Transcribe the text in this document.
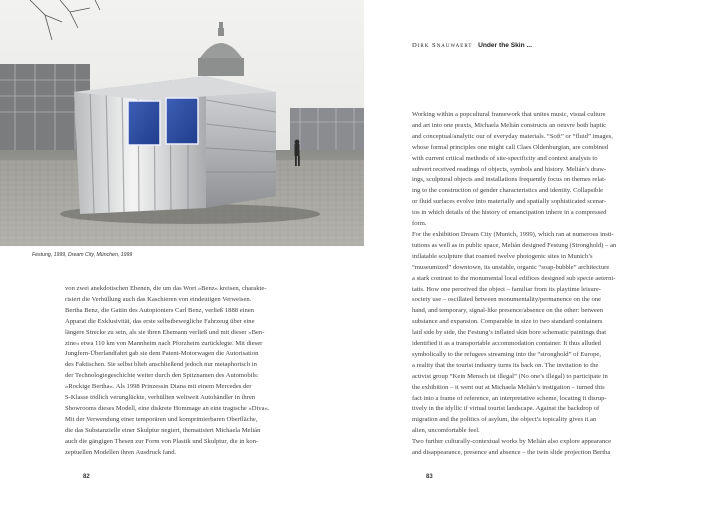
Festung, 1999, Dream City, München, 1999
von zwei anekdotischen Ebenen, die um das Wort »Benz« kreisen, charakte-
risiert die Verhüllung auch das Kaschieren von eindeutigen Verweisen.
Bertha Benz, die Gattin des Autopioniers Carl Benz, verließ 1888 einen
Apparat die Exklusivität, das erste selbstbewegliche Fahrzeug über eine
längere Strecke zu sein, als sie ihren Ehemann verließ und mit dieser »Ben-
zine« etwa 110 km von Mannheim nach Pforzheim zurücklegte. Mit dieser
Jungfern-Überlandfahrt gab sie dem Patent-Motorwagen die Autorisation
des Faktischen. Sie selbst blieb anschließend jedoch nur metaphorisch in
der Technologiegeschichte weiter durch den Spitznamen des Automobils:
»Rockige Bertha«. Als 1998 Prinzessin Diana mit einem Mercedes der
S-Klasse tödlich verunglückte, verhüllten weltweit Autohändler in ihren
Showrooms dieses Modell, eine diskrete Hommage an eine tragische »Diva«.
Mit der Verwendung einer temporären und komprimierbaren Oberfläche,
die das Substanzielle einer Skulptur negiert, thematisiert Michaela Melián
auch die gängigen Thesen zur Form von Plastik und Skulptur, die in kon-
zeptuellen Modellen ihren Ausdruck fand.
82
Dirk Snauwaert Under the Skin ...
Working within a popcultural framework that unites music, visual culture
and art into one praxis, Michaela Melián constructs an oeuvre both haptic
and conceptual/analytic our of everyday materials. “Soft” or “fluid” images,
whose formal principles one might call Claes Oldenburgian, are combined
with current critical methods of site-specificity and context analysis to
subvert received readings of objects, symbols and history. Melián’s draw-
ings, sculptural objects and installations frequently focus on themes relat-
ing to the construction of gender characteristics and identity. Collapsible
or fluid surfaces evolve into materially and spatially sophisticated scenar-
ios in which details of the history of emancipation inhere in a compressed
form.
For the exhibition Dream City (Munich, 1999), which ran at numerous insti-
tutions as well as in public space, Melián designed Festung (Stronghold) – an
inflatable sculpture that roamed twelve photogenic sites in Munich’s
“museumized” downtown, its unstable, organic “soap-bubble” architecture
a stark contrast to the monumental local edifices designed sub specie aeterni-
tatis. How one perceived the object – familiar from its playtime leisure-
society use – oscillated between monumentality/permanence on the one
hand, and temporary, signal-like presence/absence on the other: between
substance and expansion. Comparable in size to two standard containers
laid side by side, the Festung’s inflated skin bore schematic paintings that
identified it as a transportable accommodation container. It thus alluded
symbolically to the refugees streaming into the “stronghold” of Europe,
a reality that the tourist industry turns its back on. The invitation to the
activist group “Kein Mensch ist illegal” (No one’s illegal) to participate in
the exhibition – it went out at Michaela Melián’s instigation – turned this
fact into a frame of reference, an interpretative scheme, locating it disrup-
tively in the idyllic if virtual tourist landscape. Against the backdrop of
migration and the politics of asylum, the object’s topicality gives it an
alien, uncomfortable feel.
Two further culturally-contextual works by Melián also explore appearance
and disappearance, presence and absence – the twin slide projection Bertha
83
